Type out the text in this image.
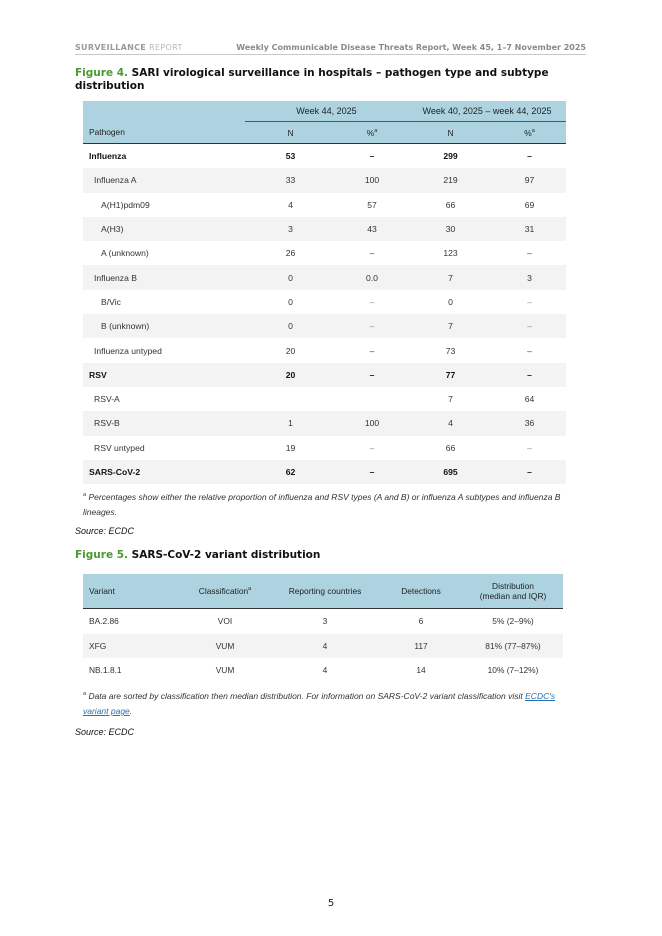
SURVEILLANCE REPORT	Weekly Communicable Disease Threats Report, Week 45, 1–7 November 2025
Figure 4. SARI virological surveillance in hospitals – pathogen type and subtype distribution
	Week 44, 2025		Week 40, 2025 – week 44, 2025	
Pathogen	N	%$^a$	N	%$^a$
Influenza	53	–	299	–
Influenza A	33	100	219	97
A(H1)pdm09	4	57	66	69
A(H3)	3	43	30	31
A (unknown)	26	–	123	–
Influenza B	0	0.0	7	3
B/Vic	0	–	0	–
B (unknown)	0	–	7	–
Influenza untyped	20	–	73	–
RSV	20	–	77	–
RSV-A			7	64
RSV-B	1	100	4	36
RSV untyped	19	–	66	–
SARS-CoV-2	62	–	695	–
$^a$ Percentages show either the relative proportion of influenza and RSV types (A and B) or influenza A subtypes and influenza B lineages.
Source: ECDC
Figure 5. SARS-CoV-2 variant distribution
Variant	Classification$^a$	Reporting countries	Detections	Distribution
(median and IQR)
BA.2.86	VOI	3	6	5% (2–9%)
XFG	VUM	4	117	81% (77–87%)
NB.1.8.1	VUM	4	14	10% (7–12%)
$^a$ Data are sorted by classification then median distribution. For information on SARS-CoV-2 variant classification visit ECDC's variant page.
Source: ECDC
5
